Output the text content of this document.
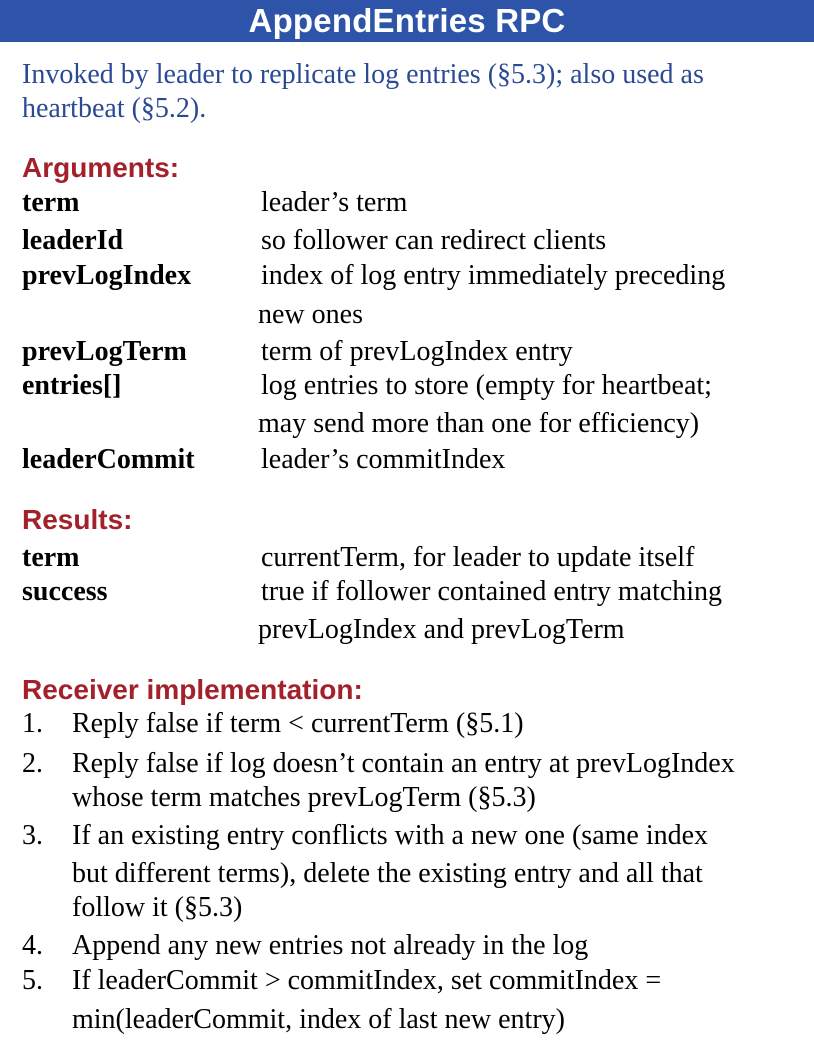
AppendEntries RPC
Invoked by leader to replicate log entries (§5.3); also used as
heartbeat (§5.2).
Arguments:
term	leader’s term
leaderId	so follower can redirect clients
prevLogIndex index of log entry immediately preceding
new ones
prevLogTerm	term of prevLogIndex entry
entries[]	log entries to store (empty for heartbeat;
may send more than one for efficiency)
leaderCommit leader’s commitIndex
Results:
term	currentTerm, for leader to update itself
success	true if follower contained entry matching
prevLogIndex and prevLogTerm
Receiver implementation:
1. Reply false if term < currentTerm (§5.1)
2. Reply false if log doesn’t contain an entry at prevLogIndex
whose term matches prevLogTerm (§5.3)
3. If an existing entry conflicts with a new one (same index
but different terms), delete the existing entry and all that
follow it (§5.3)
4. Append any new entries not already in the log
5. If leaderCommit > commitIndex, set commitIndex =
min(leaderCommit, index of last new entry)
